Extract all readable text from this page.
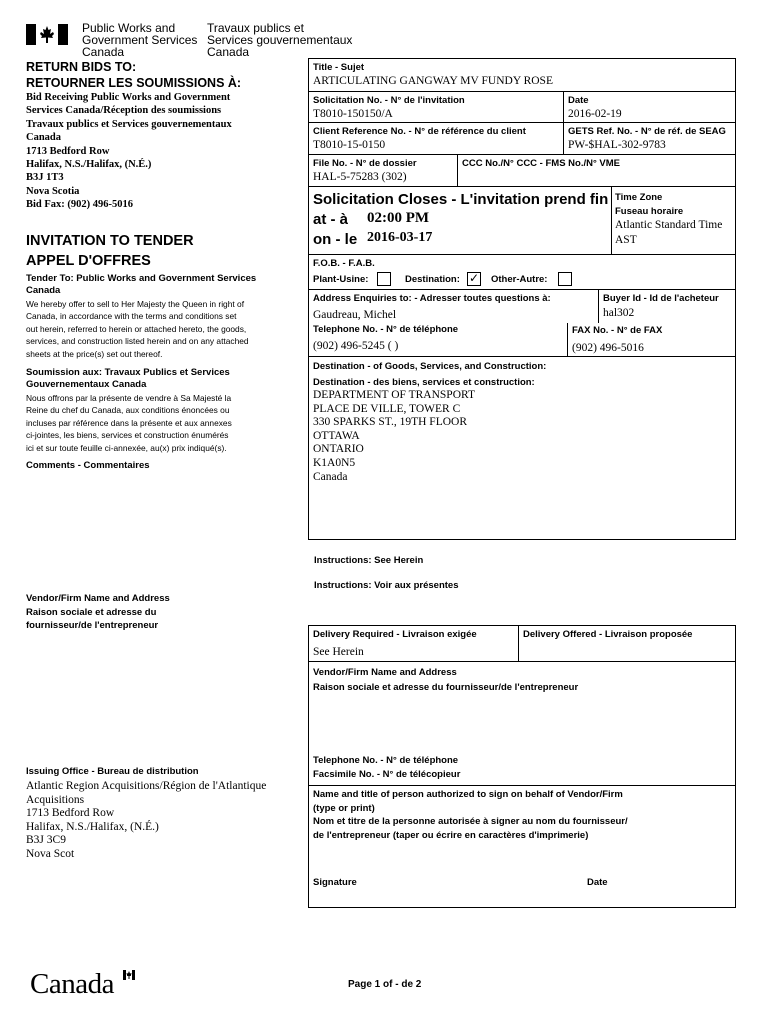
Public Works and
Government Services
Canada
Travaux publics et
Services gouvernementaux
Canada
RETURN BIDS TO:
RETOURNER LES SOUMISSIONS À:
Bid Receiving Public Works and Government
Services Canada/Réception des soumissions
Travaux publics et Services gouvernementaux
Canada
1713 Bedford Row
Halifax, N.S./Halifax, (N.É.)
B3J 1T3
Nova Scotia
Bid Fax: (902) 496-5016
INVITATION TO TENDER
APPEL D'OFFRES
Tender To: Public Works and Government Services
Canada
We hereby offer to sell to Her Majesty the Queen in right of
Canada, in accordance with the terms and conditions set
out herein, referred to herein or attached hereto, the goods,
services, and construction listed herein and on any attached
sheets at the price(s) set out thereof.
Soumission aux: Travaux Publics et Services
Gouvernementaux Canada
Nous offrons par la présente de vendre à Sa Majesté la
Reine du chef du Canada, aux conditions énoncées ou
incluses par référence dans la présente et aux annexes
ci-jointes, les biens, services et construction énumérés
ici et sur toute feuille ci-annexée, au(x) prix indiqué(s).
Comments - Commentaires
Vendor/Firm Name and Address
Raison sociale et adresse du
fournisseur/de l'entrepreneur
Issuing Office - Bureau de distribution
Atlantic Region Acquisitions/Région de l'Atlantique
Acquisitions
1713 Bedford Row
Halifax, N.S./Halifax, (N.É.)
B3J 3C9
Nova Scot
Title - Sujet
ARTICULATING GANGWAY MV FUNDY ROSE
Solicitation No. - N° de l'invitation
T8010-150150/A
Date
2016-02-19
Client Reference No. - N° de référence du client
T8010-15-0150
GETS Ref. No. - N° de réf. de SEAG
PW-$HAL-302-9783
File No. - N° de dossier
HAL-5-75283 (302)
CCC No./N° CCC - FMS No./N° VME
Solicitation Closes - L'invitation prend fin
at - à 02:00 PM
on - le 2016-03-17
Time Zone
Fuseau horaire
Atlantic Standard Time
AST
F.O.B. - F.A.B.
Plant-Usine:	Destination: ✓ Other-Autre:
Address Enquiries to: - Adresser toutes questions à:
Gaudreau, Michel
Buyer Id - Id de l'acheteur
hal302
Telephone No. - N° de téléphone
(902) 496-5245 ( )
FAX No. - N° de FAX
(902) 496-5016
Destination - of Goods, Services, and Construction:
Destination - des biens, services et construction:
DEPARTMENT OF TRANSPORT
PLACE DE VILLE, TOWER C
330 SPARKS ST., 19TH FLOOR
OTTAWA
ONTARIO
K1A0N5
Canada
Instructions: See Herein
Instructions: Voir aux présentes
Delivery Required - Livraison exigée
See Herein
Delivery Offered - Livraison proposée
Vendor/Firm Name and Address
Raison sociale et adresse du fournisseur/de l'entrepreneur
Telephone No. - N° de téléphone
Facsimile No. - N° de télécopieur
Name and title of person authorized to sign on behalf of Vendor/Firm
(type or print)
Nom et titre de la personne autorisée à signer au nom du fournisseur/
de l'entrepreneur (taper ou écrire en caractères d'imprimerie)
Signature	Date
Canada	Page 1 of - de 2
